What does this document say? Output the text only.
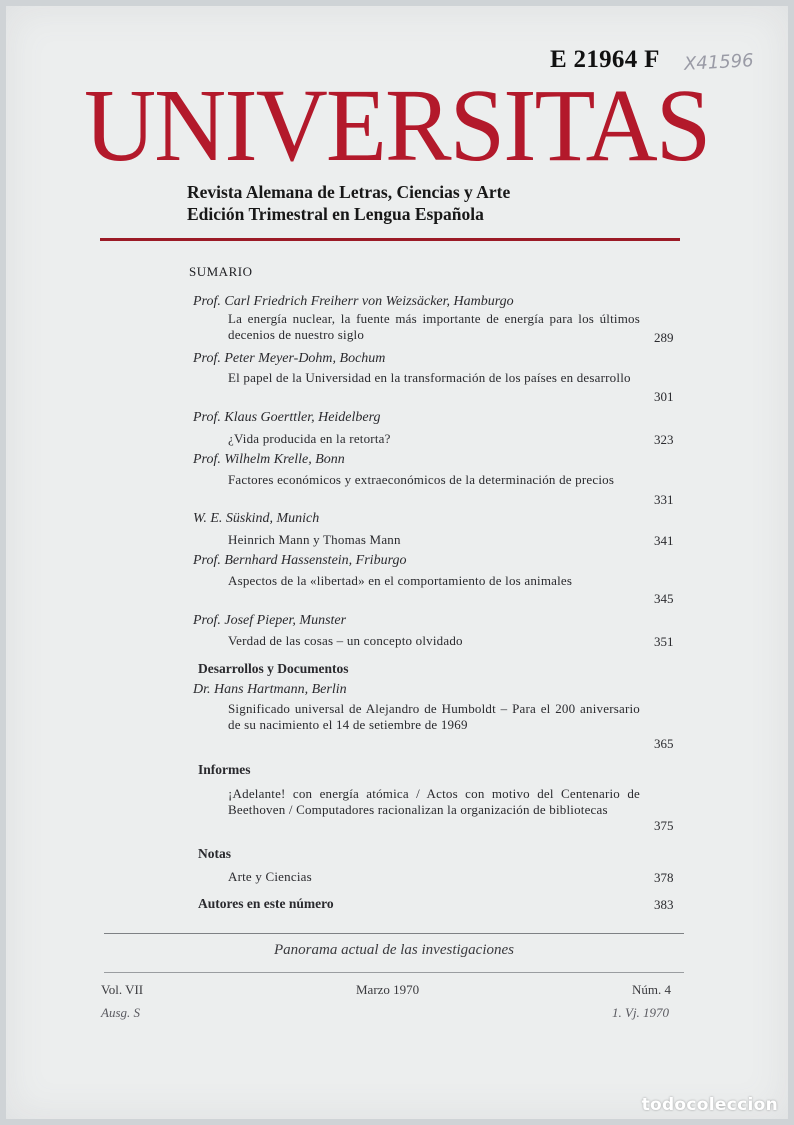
E 21964 F X41596
UNIVERSITAS
Revista Alemana de Letras, Ciencias y Arte
Edición Trimestral en Lengua Española
SUMARIO
Prof. Carl Friedrich Freiherr von Weizsäcker, Hamburgo
La energía nuclear, la fuente más importante de energía para los últimos decenios de nuestro siglo	289
Prof. Peter Meyer-Dohm, Bochum
El papel de la Universidad en la transformación de los países en desarrollo
301
Prof. Klaus Goerttler, Heidelberg
¿Vida producida en la retorta?	323
Prof. Wilhelm Krelle, Bonn
Factores económicos y extraeconómicos de la determinación de precios
331
W. E. Süskind, Munich
Heinrich Mann y Thomas Mann	341
Prof. Bernhard Hassenstein, Friburgo
Aspectos de la «libertad» en el comportamiento de los animales
345
Prof. Josef Pieper, Munster
Verdad de las cosas – un concepto olvidado	351
Desarrollos y Documentos
Dr. Hans Hartmann, Berlin
Significado universal de Alejandro de Humboldt – Para el 200 aniversario de su nacimiento el 14 de setiembre de 1969
365
Informes
¡Adelante! con energía atómica / Actos con motivo del Centenario de Beethoven / Computadores racionalizan la organización de bibliotecas
375
Notas
Arte y Ciencias	378
Autores en este número	383
Panorama actual de las investigaciones
Vol. VII	Marzo 1970	Núm. 4
Ausg. S	1. Vj. 1970
todocoleccion
